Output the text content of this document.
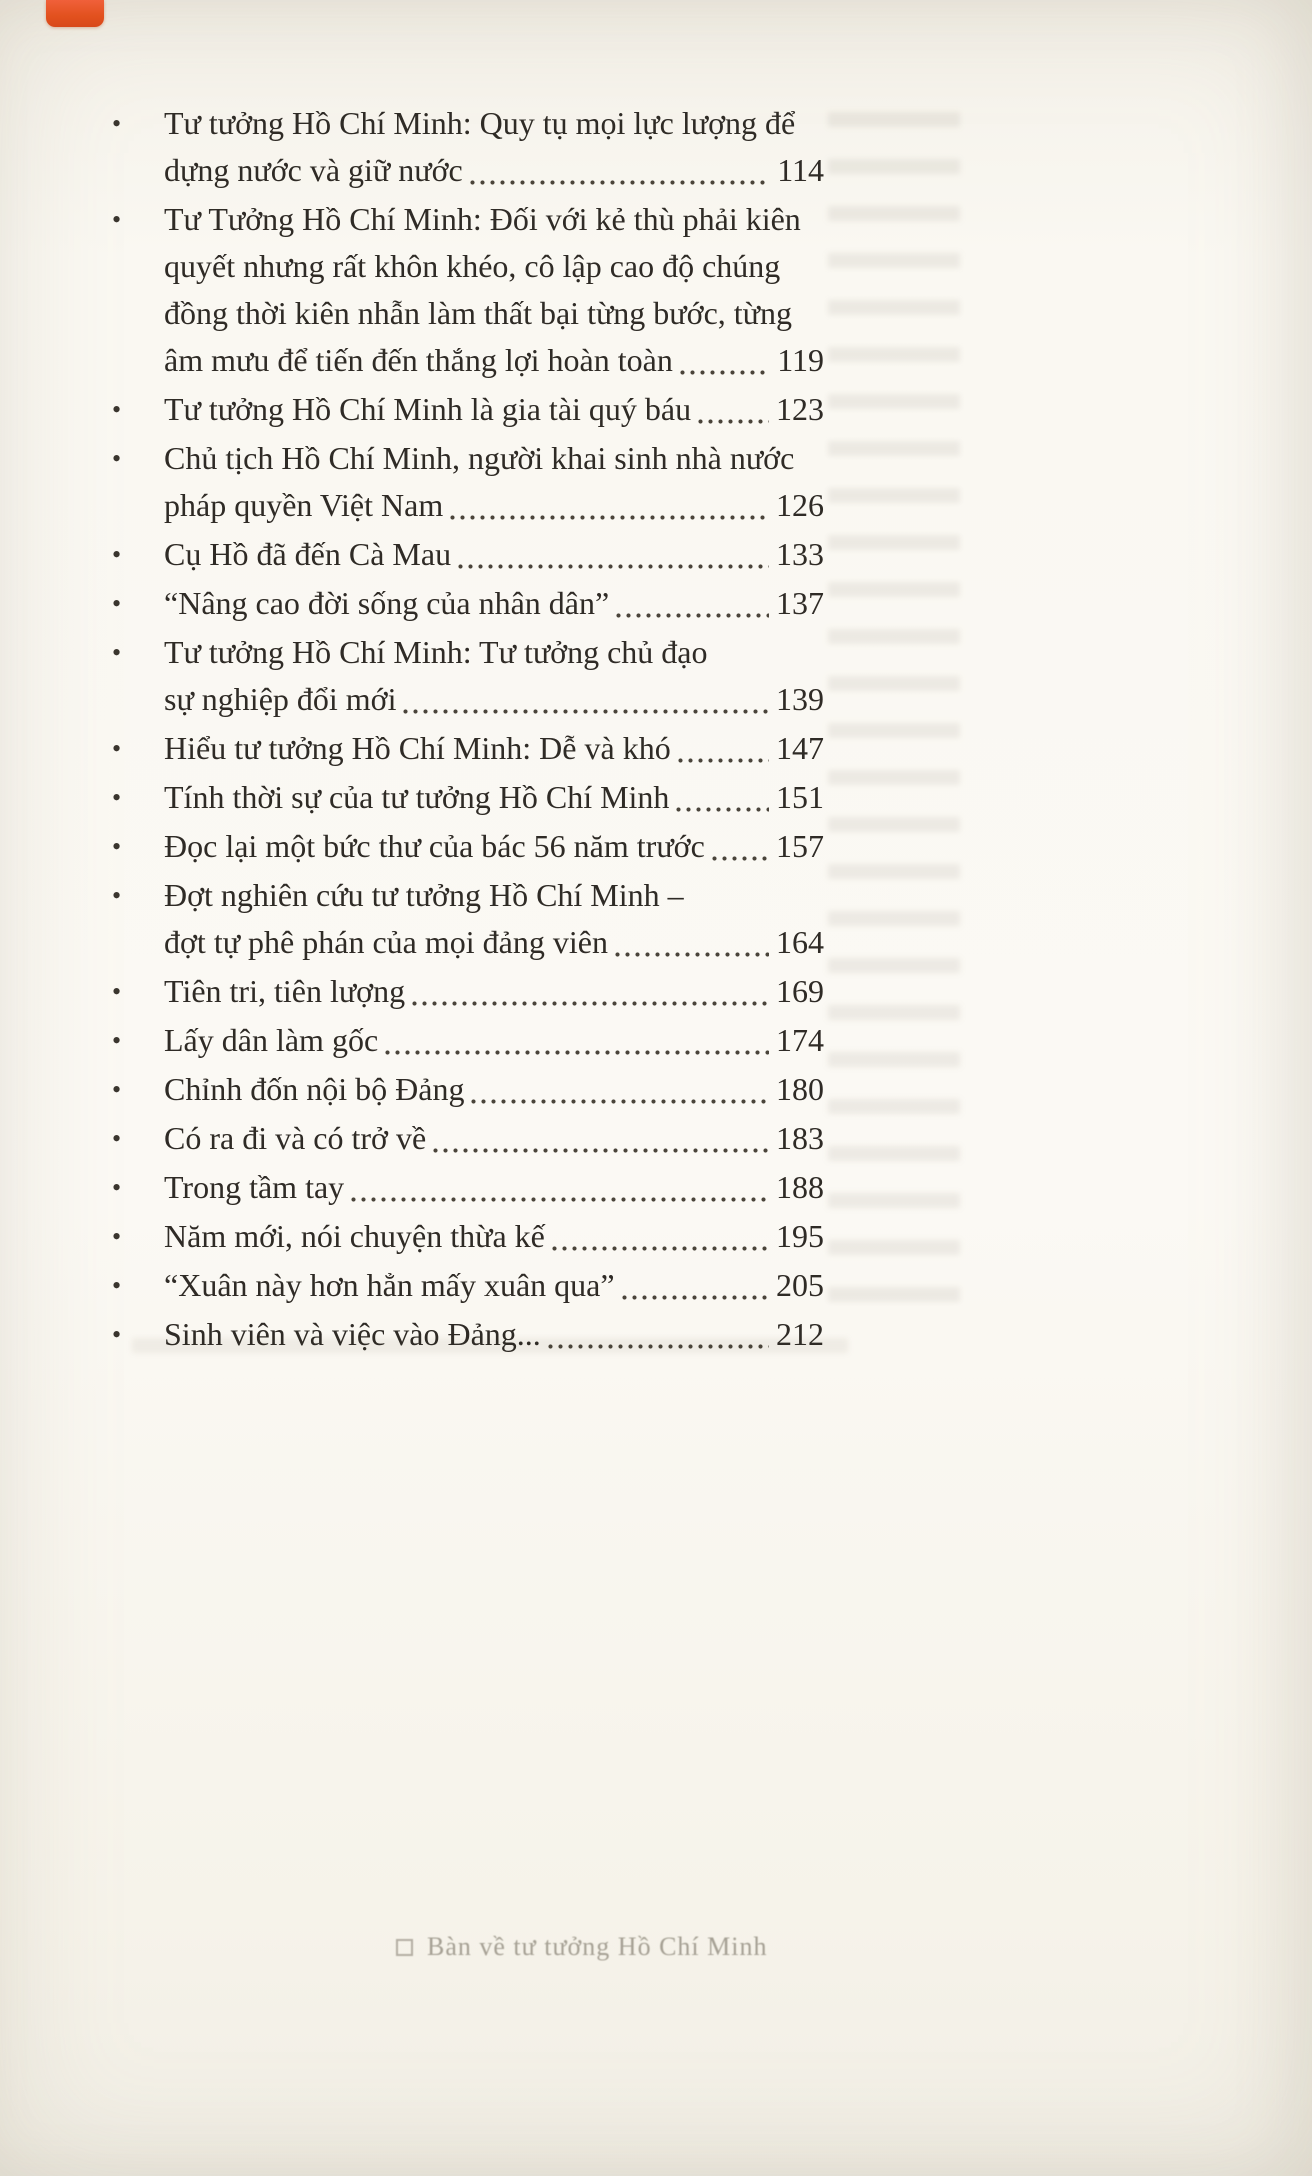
•	Tư tưởng Hồ Chí Minh: Quy tụ mọi lực lượng để
dựng nước và giữ nước	114
•	Tư Tưởng Hồ Chí Minh: Đối với kẻ thù phải kiên
quyết nhưng rất khôn khéo, cô lập cao độ chúng
đồng thời kiên nhẫn làm thất bại từng bước, từng
âm mưu để tiến đến thắng lợi hoàn toàn	119
•	Tư tưởng Hồ Chí Minh là gia tài quý báu	123
•	Chủ tịch Hồ Chí Minh, người khai sinh nhà nước
pháp quyền Việt Nam	126
•	Cụ Hồ đã đến Cà Mau	133
•	“Nâng cao đời sống của nhân dân”	137
•	Tư tưởng Hồ Chí Minh: Tư tưởng chủ đạo
sự nghiệp đổi mới	139
•	Hiểu tư tưởng Hồ Chí Minh: Dễ và khó	147
•	Tính thời sự của tư tưởng Hồ Chí Minh	151
•	Đọc lại một bức thư của bác 56 năm trước 157
•	Đợt nghiên cứu tư tưởng Hồ Chí Minh –
đợt tự phê phán của mọi đảng viên	164
•	Tiên tri, tiên lượng	169
•	Lấy dân làm gốc	174
•	Chỉnh đốn nội bộ Đảng	180
•	Có ra đi và có trở về	183
•	Trong tầm tay	188
•	Năm mới, nói chuyện thừa kế	195
•	“Xuân này hơn hẳn mấy xuân qua”	205
•	Sinh viên và việc vào Đảng...	212
Bàn về tư tưởng Hồ Chí Minh
